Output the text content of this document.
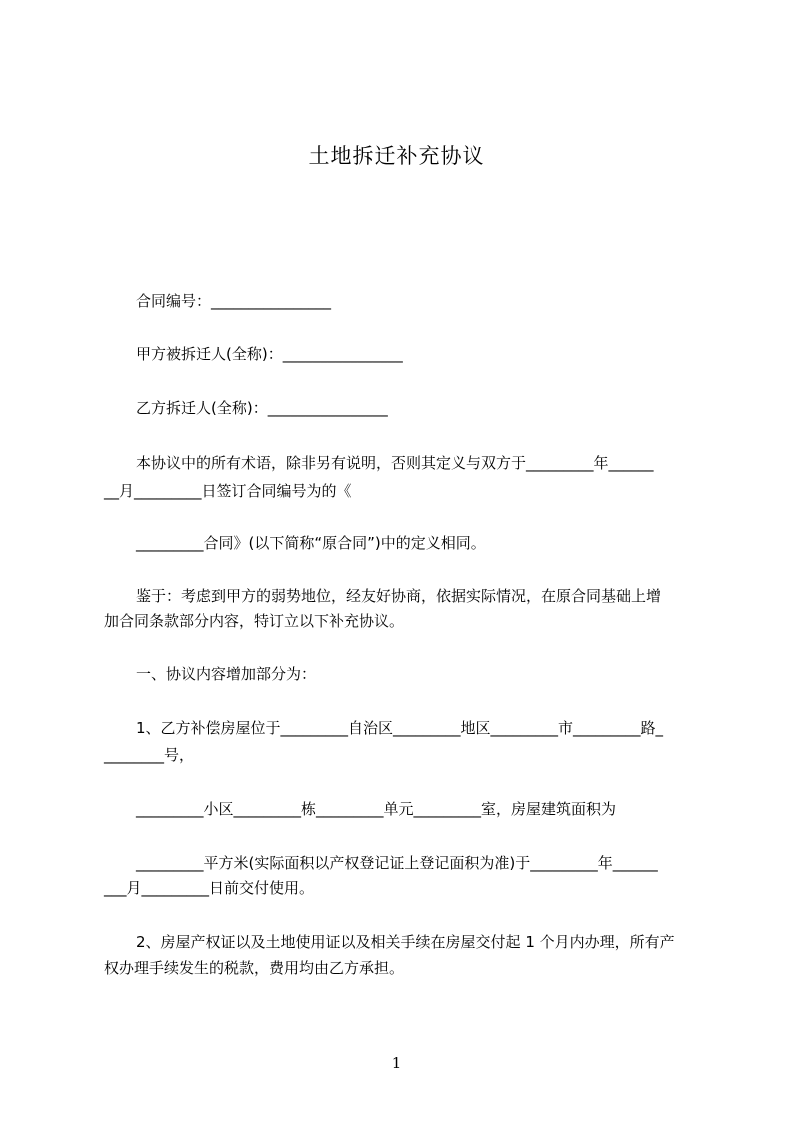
土地拆迁补充协议

合同编号：________________

甲方被拆迁人(全称)：________________

乙方拆迁人(全称)：________________

本协议中的所有术语，除非另有说明，否则其定义与双方于_________年______

__月_________日签订合同编号为的《

_________合同》(以下简称“原合同”)中的定义相同。

鉴于：考虑到甲方的弱势地位，经友好协商，依据实际情况，在原合同基础上增

加合同条款部分内容，特订立以下补充协议。

一、协议内容增加部分为：

1、乙方补偿房屋位于_________自治区_________地区_________市_________路_

________号，

_________小区_________栋_________单元_________室，房屋建筑面积为

_________平方米(实际面积以产权登记证上登记面积为准)于_________年______

___月_________日前交付使用。

2、房屋产权证以及土地使用证以及相关手续在房屋交付起 1 个月内办理，所有产

权办理手续发生的税款，费用均由乙方承担。

1
